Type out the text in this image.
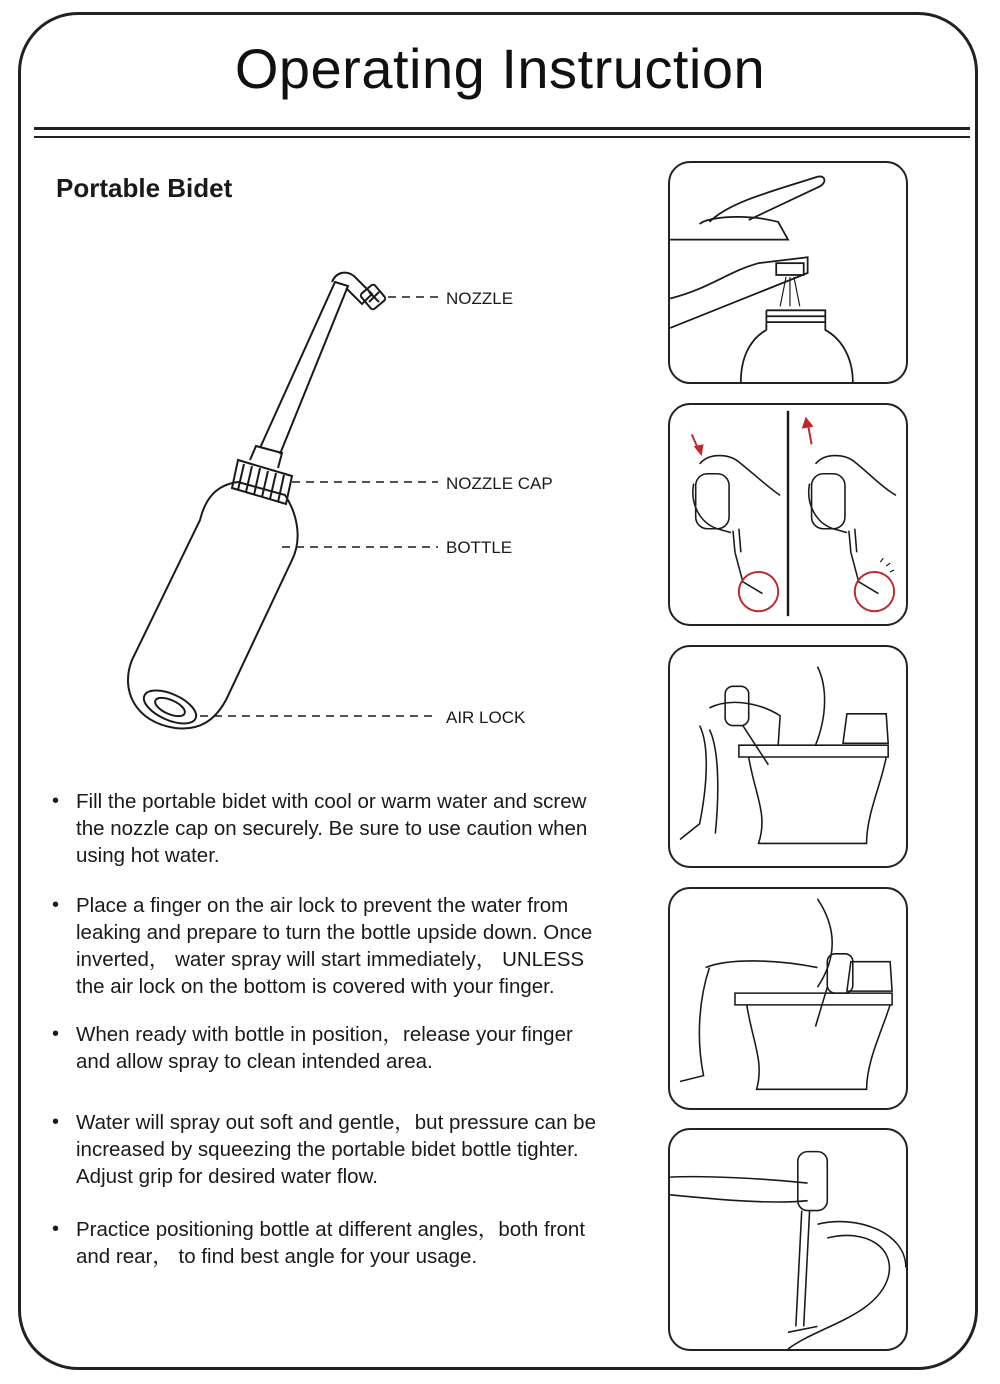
Operating Instruction
Portable Bidet
NOZZLE
NOZZLE CAP
BOTTLE
AIR LOCK
• Fill the portable bidet with cool or warm water and screw the nozzle cap on securely. Be sure to use caution when using hot water.
• Place a finger on the air lock to prevent the water from leaking and prepare to turn the bottle upside down. Once inverted， water spray will start immediately， UNLESS the air lock on the bottom is covered with your finger.
• When ready with bottle in position，release your finger and allow spray to clean intended area.
• Water will spray out soft and gentle，but pressure can be increased by squeezing the portable bidet bottle tighter. Adjust grip for desired water flow.
• Practice positioning bottle at different angles，both front and rear， to find best angle for your usage.
